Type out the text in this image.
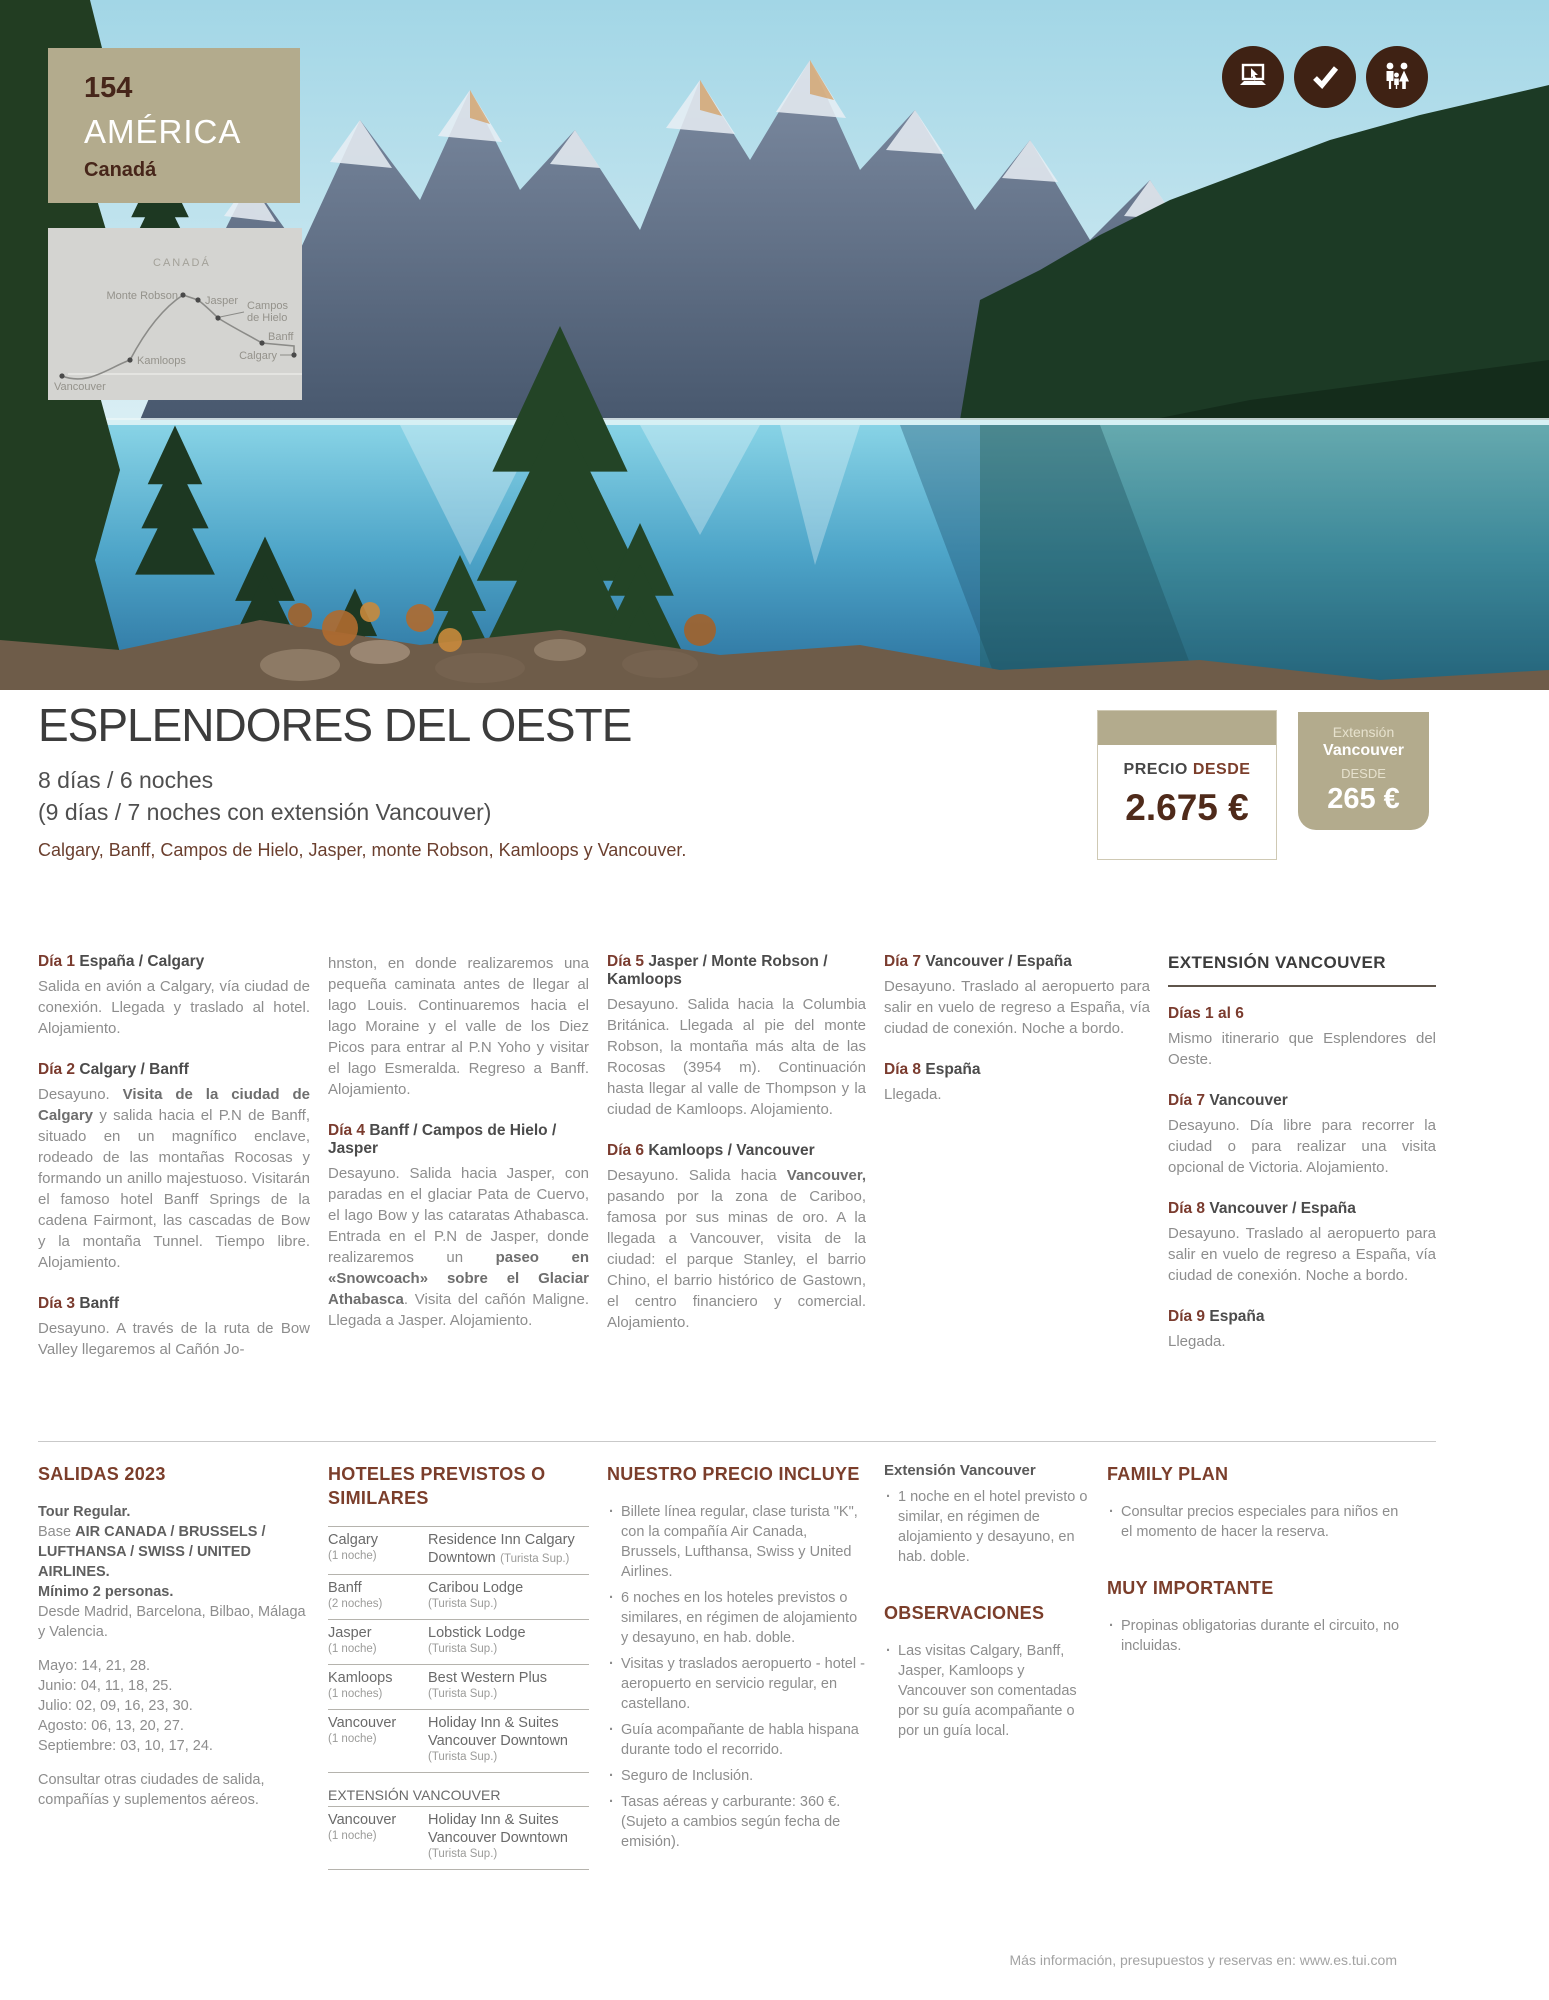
154
AMÉRICA
Canadá
CANADÁ
Monte Robson Jasper Campos
de Hielo
Banff
Kamloops	Calgary
Vancouver
ESPLENDORES DEL OESTE
8 días / 6 noches
(9 días / 7 noches con extensión Vancouver)
Calgary, Banff, Campos de Hielo, Jasper, monte Robson, Kamloops y Vancouver.
PRECIO DESDE
2.675 €
Extensión
Vancouver
DESDE
265 €
Día 1 España / Calgary

Salida en avión a Calgary, vía ciudad de conexión. Llegada y traslado al hotel. Alojamiento.

Día 2 Calgary / Banff

Desayuno. Visita de la ciudad de Calgary y salida hacia el P.N de Banff, situado en un magnífico enclave, rodeado de las montañas Rocosas y formando un anillo majestuoso. Visitarán el famoso hotel Banff Springs de la cadena Fairmont, las cascadas de Bow y la montaña Tunnel. Tiempo libre. Alojamiento.

Día 3 Banff

Desayuno. A través de la ruta de Bow Valley llegaremos al Cañón Jo-

hnston, en donde realizaremos una pequeña caminata antes de llegar al lago Louis. Continuaremos hacia el lago Moraine y el valle de los Diez Picos para entrar al P.N Yoho y visitar el lago Esmeralda. Regreso a Banff. Alojamiento.

Día 4 Banff / Campos de Hielo / Jasper

Desayuno. Salida hacia Jasper, con paradas en el glaciar Pata de Cuervo, el lago Bow y las cataratas Athabasca. Entrada en el P.N de Jasper, donde realizaremos un paseo en «Snowcoach» sobre el Glaciar Athabasca. Visita del cañón Maligne. Llegada a Jasper. Alojamiento.

Día 5 Jasper / Monte Robson / Kamloops

Desayuno. Salida hacia la Columbia Británica. Llegada al pie del monte Robson, la montaña más alta de las Rocosas (3954 m). Continuación hasta llegar al valle de Thompson y la ciudad de Kamloops. Alojamiento.

Día 6 Kamloops / Vancouver

Desayuno. Salida hacia Vancouver, pasando por la zona de Cariboo, famosa por sus minas de oro. A la llegada a Vancouver, visita de la ciudad: el parque Stanley, el barrio Chino, el barrio histórico de Gastown, el centro financiero y comercial. Alojamiento.

Día 7 Vancouver / España

Desayuno. Traslado al aeropuerto para salir en vuelo de regreso a España, vía ciudad de conexión. Noche a bordo.

Día 8 España

Llegada.

EXTENSIÓN VANCOUVER
Días 1 al 6

Mismo itinerario que Esplendores del Oeste.

Día 7 Vancouver

Desayuno. Día libre para recorrer la ciudad o para realizar una visita opcional de Victoria. Alojamiento.

Día 8 Vancouver / España

Desayuno. Traslado al aeropuerto para salir en vuelo de regreso a España, vía ciudad de conexión. Noche a bordo.

Día 9 España

Llegada.

SALIDAS 2023
Tour Regular.
Base AIR CANADA / BRUSSELS / LUFTHANSA / SWISS / UNITED AIRLINES.
Mínimo 2 personas.
Desde Madrid, Barcelona, Bilbao, Málaga y Valencia.
Mayo: 14, 21, 28.
Junio: 04, 11, 18, 25.
Julio: 02, 09, 16, 23, 30.
Agosto: 06, 13, 20, 27.
Septiembre: 03, 10, 17, 24.
Consultar otras ciudades de salida, compañías y suplementos aéreos.
HOTELES PREVISTOS O SIMILARES
Calgary
(1 noche)
Residence Inn Calgary Downtown (Turista Sup.)
Banff
(2 noches)
Caribou Lodge
(Turista Sup.)
Jasper
(1 noche)
Lobstick Lodge
(Turista Sup.)
Kamloops
(1 noches)
Best Western Plus
(Turista Sup.)
Vancouver
(1 noche)
Holiday Inn & Suites Vancouver Downtown
(Turista Sup.)
EXTENSIÓN VANCOUVER
Vancouver
(1 noche)
Holiday Inn & Suites Vancouver Downtown
(Turista Sup.)
NUESTRO PRECIO INCLUYE
· Billete línea regular, clase turista "K", con la compañía Air Canada, Brussels, Lufthansa, Swiss y United Airlines.
· 6 noches en los hoteles previstos o similares, en régimen de alojamiento y desayuno, en hab. doble.
· Visitas y traslados aeropuerto - hotel - aeropuerto en servicio regular, en castellano.
· Guía acompañante de habla hispana durante todo el recorrido.
· Seguro de Inclusión.
· Tasas aéreas y carburante: 360 €. (Sujeto a cambios según fecha de emisión).
Extensión Vancouver
· 1 noche en el hotel previsto o similar, en régimen de alojamiento y desayuno, en hab. doble.
OBSERVACIONES
· Las visitas Calgary, Banff, Jasper, Kamloops y Vancouver son comentadas por su guía acompañante o por un guía local.
FAMILY PLAN
· Consultar precios especiales para niños en el momento de hacer la reserva.
MUY IMPORTANTE
· Propinas obligatorias durante el circuito, no incluidas.
Más información, presupuestos y reservas en: www.es.tui.com
